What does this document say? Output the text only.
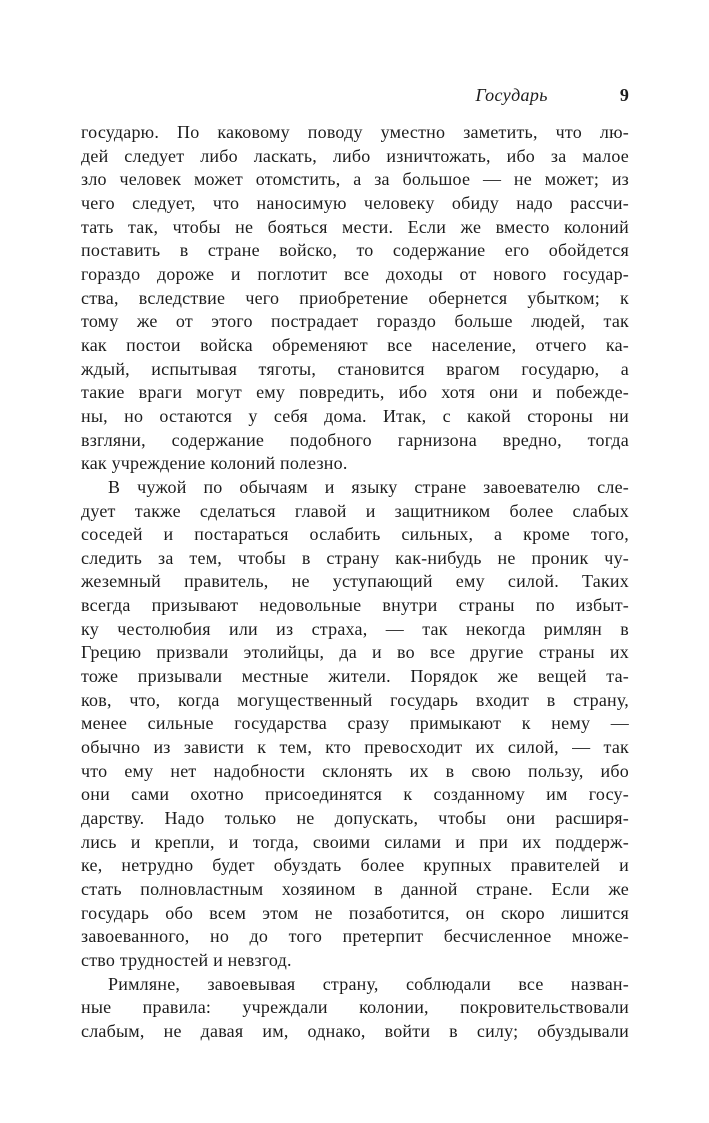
Государь	9
государю. По каковому поводу уместно заметить, что лю-
дей следует либо ласкать, либо изничтожать, ибо за малое
зло человек может отомстить, а за большое — не может; из
чего следует, что наносимую человеку обиду надо рассчи-
тать так, чтобы не бояться мести. Если же вместо колоний
поставить в стране войско, то содержание его обойдется
гораздо дороже и поглотит все доходы от нового государ-
ства, вследствие чего приобретение обернется убытком; к
тому же от этого пострадает гораздо больше людей, так
как постои войска обременяют все население, отчего ка-
ждый, испытывая тяготы, становится врагом государю, а
такие враги могут ему повредить, ибо хотя они и побежде-
ны, но остаются у себя дома. Итак, с какой стороны ни
взгляни, содержание подобного гарнизона вредно, тогда
как учреждение колоний полезно.
В чужой по обычаям и языку стране завоевателю сле-
дует также сделаться главой и защитником более слабых
соседей и постараться ослабить сильных, а кроме того,
следить за тем, чтобы в страну как-нибудь не проник чу-
жеземный правитель, не уступающий ему силой. Таких
всегда призывают недовольные внутри страны по избыт-
ку честолюбия или из страха, — так некогда римлян в
Грецию призвали этолийцы, да и во все другие страны их
тоже призывали местные жители. Порядок же вещей та-
ков, что, когда могущественный государь входит в страну,
менее сильные государства сразу примыкают к нему —
обычно из зависти к тем, кто превосходит их силой, — так
что ему нет надобности склонять их в свою пользу, ибо
они сами охотно присоединятся к созданному им госу-
дарству. Надо только не допускать, чтобы они расширя-
лись и крепли, и тогда, своими силами и при их поддерж-
ке, нетрудно будет обуздать более крупных правителей и
стать полновластным хозяином в данной стране. Если же
государь обо всем этом не позаботится, он скоро лишится
завоеванного, но до того претерпит бесчисленное множе-
ство трудностей и невзгод.
Римляне, завоевывая страну, соблюдали все назван-
ные правила: учреждали колонии, покровительствовали
слабым, не давая им, однако, войти в силу; обуздывали
